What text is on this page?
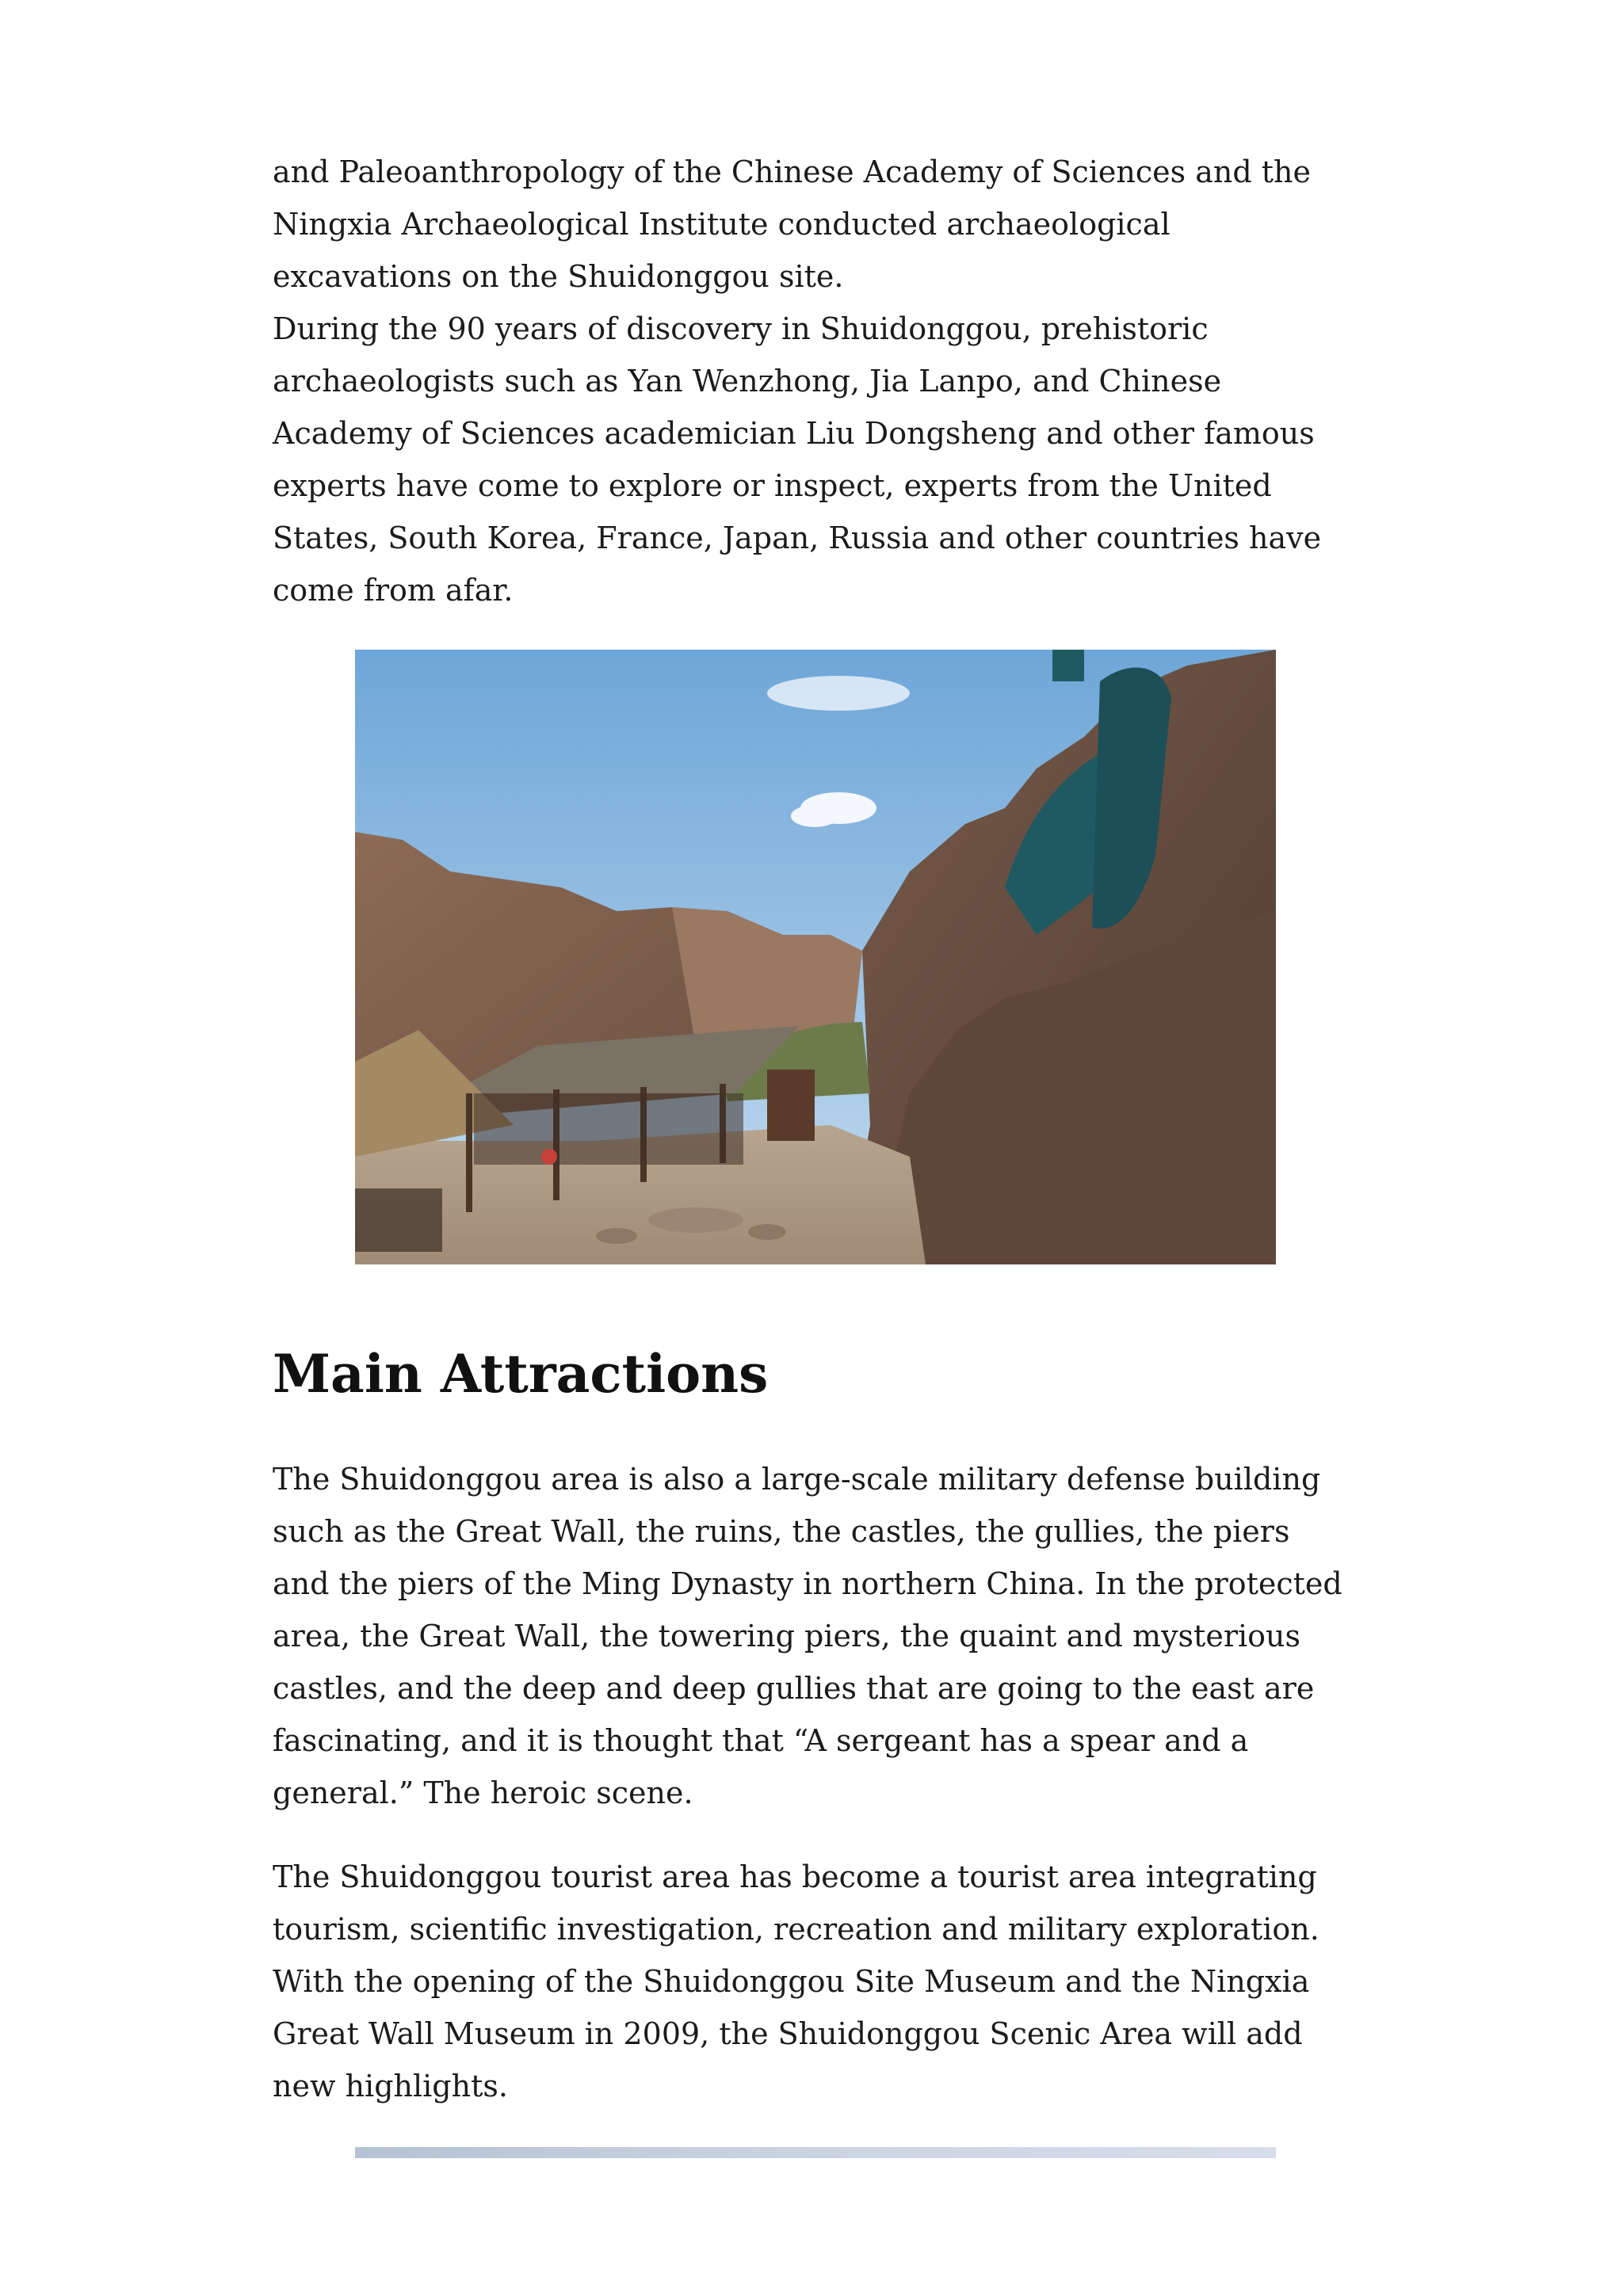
and Paleoanthropology of the Chinese Academy of Sciences and the Ningxia Archaeological Institute conducted archaeological excavations on the Shuidonggou site.

During the 90 years of discovery in Shuidonggou, prehistoric archaeologists such as Yan Wenzhong, Jia Lanpo, and Chinese Academy of Sciences academician Liu Dongsheng and other famous experts have come to explore or inspect, experts from the United States, South Korea, France, Japan, Russia and other countries have come from afar.

Main Attractions

The Shuidonggou area is also a large-scale military defense building such as the Great Wall, the ruins, the castles, the gullies, the piers and the piers of the Ming Dynasty in northern China. In the protected area, the Great Wall, the towering piers, the quaint and mysterious castles, and the deep and deep gullies that are going to the east are fascinating, and it is thought that “A sergeant has a spear and a general.” The heroic scene.

The Shuidonggou tourist area has become a tourist area integrating tourism, scientific investigation, recreation and military exploration. With the opening of the Shuidonggou Site Museum and the Ningxia Great Wall Museum in 2009, the Shuidonggou Scenic Area will add new highlights.
